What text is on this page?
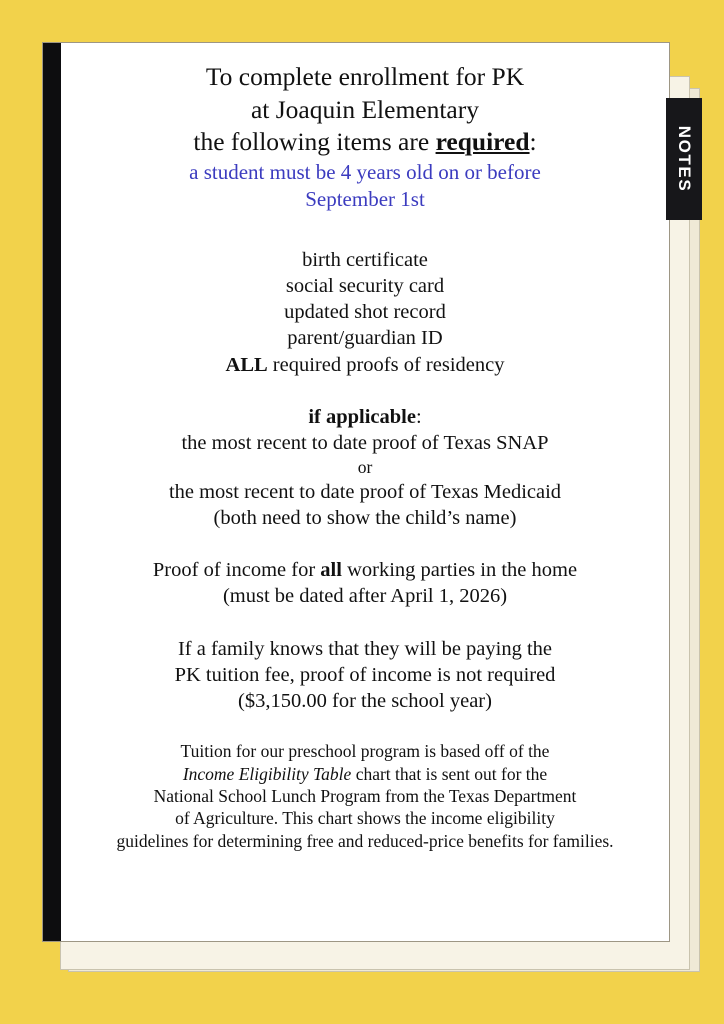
NOTES
To complete enrollment for PK
at Joaquin Elementary
the following items are required:
a student must be 4 years old on or before
September 1st
birth certificate
social security card
updated shot record
parent/guardian ID
ALL required proofs of residency
if applicable:
the most recent to date proof of Texas SNAP
or
the most recent to date proof of Texas Medicaid
(both need to show the child’s name)
Proof of income for all working parties in the home
(must be dated after April 1, 2026)
If a family knows that they will be paying the
PK tuition fee, proof of income is not required
($3,150.00 for the school year)
Tuition for our preschool program is based off of the
Income Eligibility Table chart that is sent out for the
National School Lunch Program from the Texas Department
of Agriculture. This chart shows the income eligibility
guidelines for determining free and reduced-price benefits for families.
